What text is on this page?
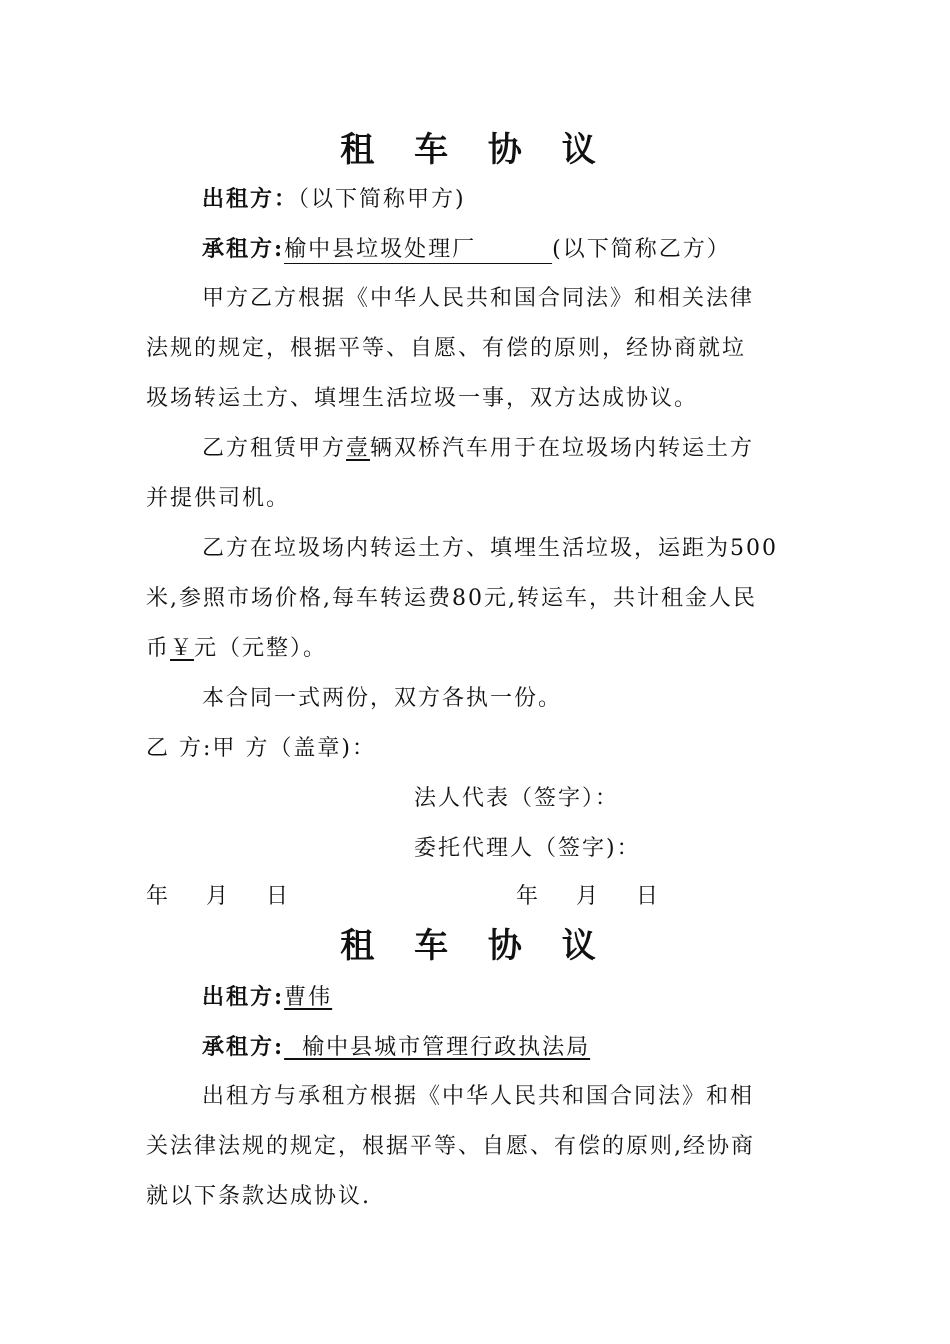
租 车 协 议
出租方：（以下简称甲方)
承租方:榆中县垃圾处理厂	(以下简称乙方）
甲方乙方根据《中华人民共和国合同法》和相关法律
法规的规定，根据平等、自愿、有偿的原则，经协商就垃
圾场转运土方、填埋生活垃圾一事，双方达成协议。
乙方租赁甲方壹辆双桥汽车用于在垃圾场内转运土方
并提供司机。
乙方在垃圾场内转运土方、填埋生活垃圾，运距为500
米,参照市场价格,每车转运费80元,转运车，共计租金人民
币￥元（元整）。
本合同一式两份，双方各执一份。
乙 方:甲 方（盖章)：
法人代表（签字）：
委托代理人（签字)：
年    月    日	年    月    日
租 车 协 议
出租方:曹伟
承租方:  榆中县城市管理行政执法局
出租方与承租方根据《中华人民共和国合同法》和相
关法律法规的规定，根据平等、自愿、有偿的原则,经协商
就以下条款达成协议.
